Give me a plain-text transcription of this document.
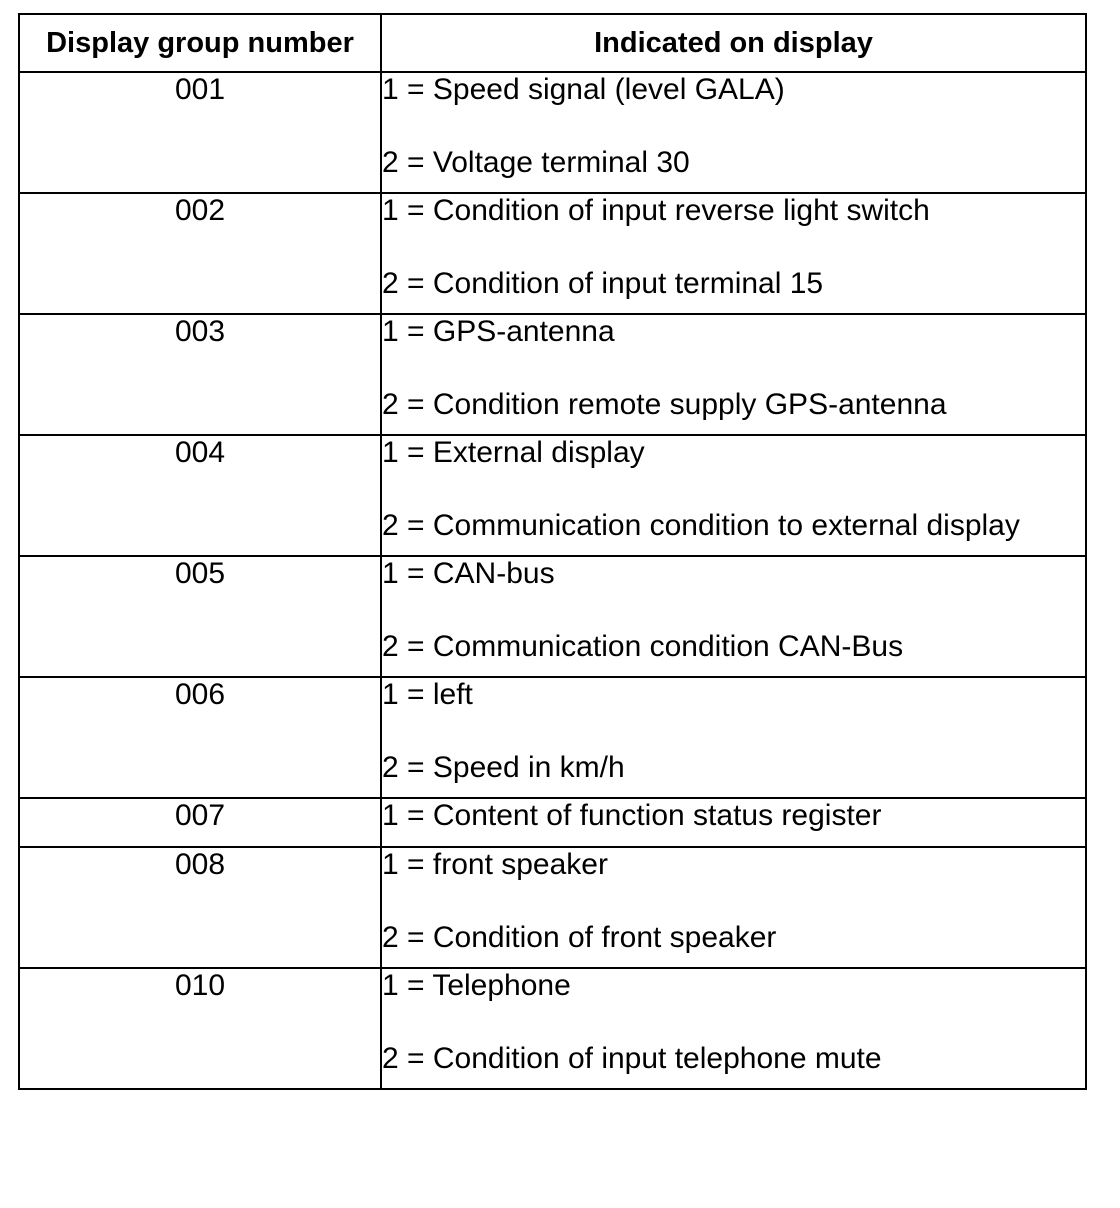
Display group number	Indicated on display
001	1 = Speed signal (level GALA)
2 = Voltage terminal 30

002	1 = Condition of input reverse light switch
2 = Condition of input terminal 15

003	1 = GPS-antenna
2 = Condition remote supply GPS-antenna

004	1 = External display
2 = Communication condition to external display

005	1 = CAN-bus
2 = Communication condition CAN-Bus

006	1 = left
2 = Speed in km/h

007	1 = Content of function status register

008	1 = front speaker
2 = Condition of front speaker

010	1 = Telephone
2 = Condition of input telephone mute
